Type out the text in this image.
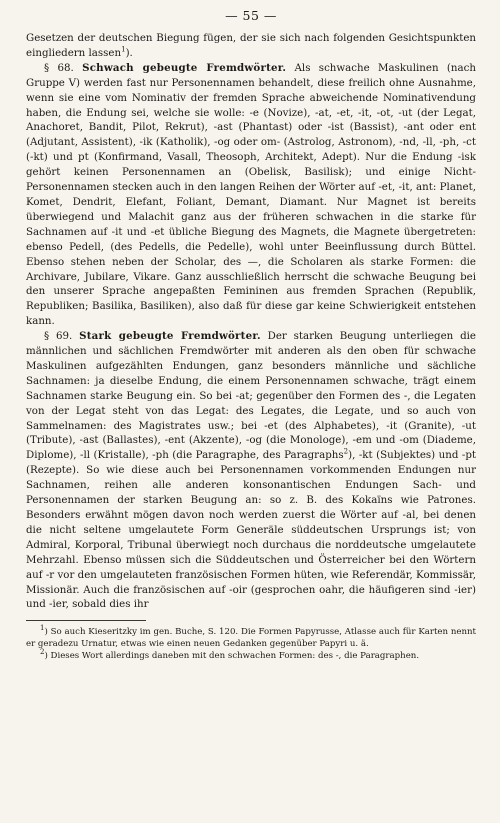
— 55 —

Gesetzen der deutschen Biegung fügen, der sie sich nach folgenden Gesichtspunkten eingliedern lassen$^1$).

§ 68. Schwach gebeugte Fremdwörter. Als schwache Maskulinen (nach Gruppe V) werden fast nur Personennamen behandelt, diese freilich ohne Ausnahme, wenn sie eine vom Nominativ der fremden Sprache abweichende Nominativendung haben, die Endung sei, welche sie wolle: -e (Novize), -at, -et, -it, -ot, -ut (der Legat, Anachoret, Bandit, Pilot, Rekrut), -ast (Phantast) oder -ist (Bassist), -ant oder ent (Adjutant, Assistent), -ik (Katholik), -og oder om- (Astrolog, Astronom), -nd, -ll, -ph, -ct (-kt) und pt (Konfirmand, Vasall, Theosoph, Architekt, Adept). Nur die Endung -isk gehört keinen Personennamen an (Obelisk, Basilisk); und einige Nicht-Personennamen stecken auch in den langen Reihen der Wörter auf -et, -it, ant: Planet, Komet, Dendrit, Elefant, Foliant, Demant, Diamant. Nur Magnet ist bereits überwiegend und Malachit ganz aus der früheren schwachen in die starke für Sachnamen auf -it und -et übliche Biegung des Magnets, die Magnete übergetreten: ebenso Pedell, (des Pedells, die Pedelle), wohl unter Beeinflussung durch Büttel. Ebenso stehen neben der Scholar, des —, die Scholaren als starke Formen: die Archivare, Jubilare, Vikare. Ganz ausschließlich herrscht die schwache Beugung bei den unserer Sprache angepaßten Femininen aus fremden Sprachen (Republik, Republiken; Basilika, Basiliken), also daß für diese gar keine Schwierigkeit entstehen kann.

§ 69. Stark gebeugte Fremdwörter. Der starken Beugung unterliegen die männlichen und sächlichen Fremdwörter mit anderen als den oben für schwache Maskulinen aufgezählten Endungen, ganz besonders männliche und sächliche Sachnamen: ja dieselbe Endung, die einem Personennamen schwache, trägt einem Sachnamen starke Beugung ein. So bei -at; gegenüber den Formen des -, die Legaten von der Legat steht von das Legat: des Legates, die Legate, und so auch von Sammelnamen: des Magistrates usw.; bei -et (des Alphabetes), -it (Granite), -ut (Tribute), -ast (Ballastes), -ent (Akzente), -og (die Monologe), -em und -om (Diademe, Diplome), -ll (Kristalle), -ph (die Paragraphe, des Paragraphs$^2$), -kt (Subjektes) und -pt (Rezepte). So wie diese auch bei Personennamen vorkommenden Endungen nur Sachnamen, reihen alle anderen konsonantischen Endungen Sach- und Personennamen der starken Beugung an: so z. B. des Kokaïns wie Patrones. Besonders erwähnt mögen davon noch werden zuerst die Wörter auf -al, bei denen die nicht seltene umgelautete Form Generäle süddeutschen Ursprungs ist; von Admiral, Korporal, Tribunal überwiegt noch durchaus die norddeutsche umgelautete Mehrzahl. Ebenso müssen sich die Süddeutschen und Österreicher bei den Wörtern auf -r vor den umgelauteten französischen Formen hüten, wie Referendär, Kommissär, Missionär. Auch die französischen auf -oir (gesprochen oahr, die häufigeren sind -ier) und -ier, sobald dies ihr

$^1$) So auch Kieseritzky im gen. Buche, S. 120. Die Formen Papyrusse, Atlasse auch für Karten nennt er geradezu Urnatur, etwas wie einen neuen Gedanken gegenüber Papyri u. ä.

$^2$) Dieses Wort allerdings daneben mit den schwachen Formen: des -, die Paragraphen.
